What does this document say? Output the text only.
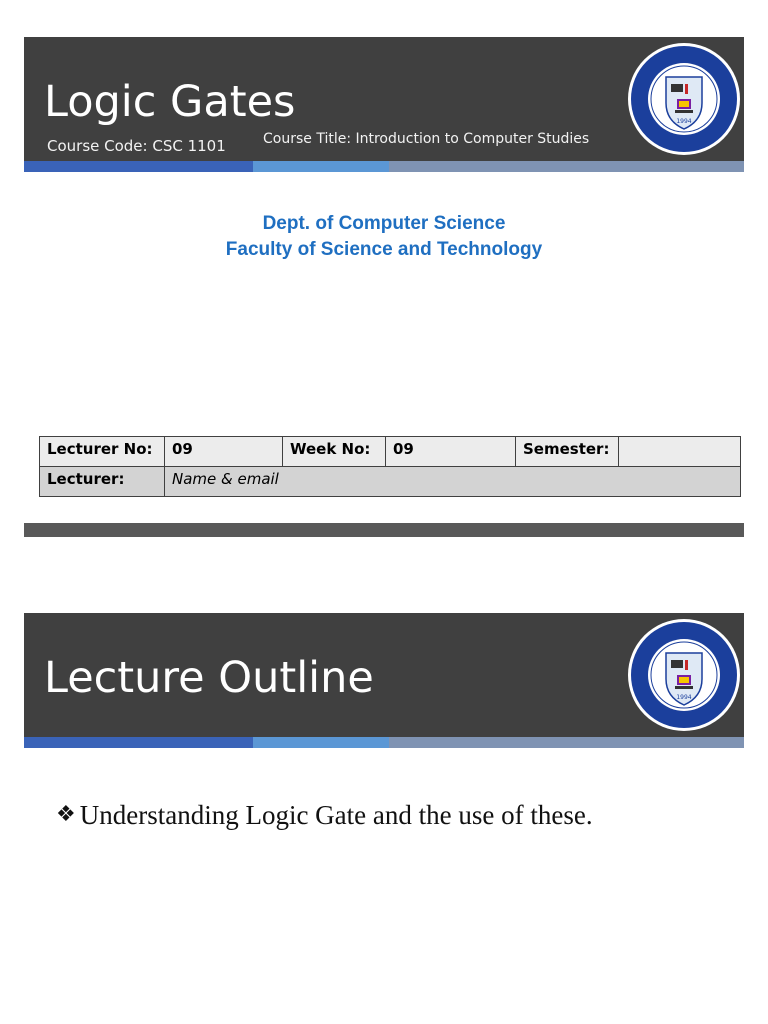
Logic Gates
Course Code: CSC 1101	Course Title: Introduction to Computer Studies
1994
Dept. of Computer Science
Faculty of Science and Technology
Lecturer No:	09	Week No:	09	Semester:	
Lecturer:	Name & email				
Lecture Outline	1994
❖ Understanding Logic Gate and the use of these.
